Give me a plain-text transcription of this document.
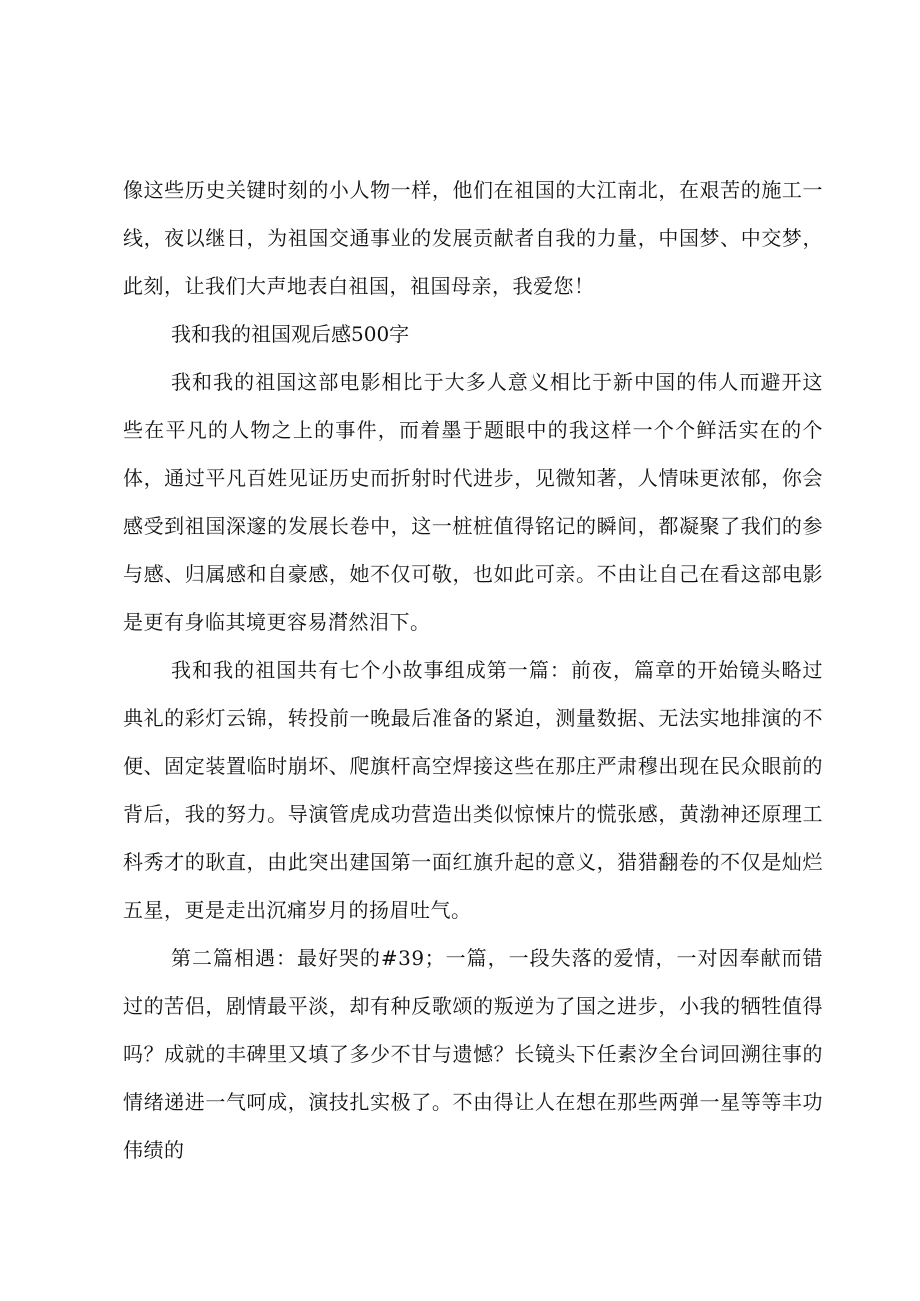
像这些历史关键时刻的小人物一样，他们在祖国的大江南北，在艰苦的施工一线，夜以继日，为祖国交通事业的发展贡献者自我的力量，中国梦、中交梦，此刻，让我们大声地表白祖国，祖国母亲，我爱您！

我和我的祖国观后感500字

我和我的祖国这部电影相比于大多人意义相比于新中国的伟人而避开这些在平凡的人物之上的事件，而着墨于题眼中的我这样一个个鲜活实在的个体，通过平凡百姓见证历史而折射时代进步，见微知著，人情味更浓郁，你会感受到祖国深邃的发展长卷中，这一桩桩值得铭记的瞬间，都凝聚了我们的参与感、归属感和自豪感，她不仅可敬，也如此可亲。不由让自己在看这部电影是更有身临其境更容易潸然泪下。

我和我的祖国共有七个小故事组成第一篇：前夜，篇章的开始镜头略过典礼的彩灯云锦，转投前一晚最后准备的紧迫，测量数据、无法实地排演的不便、固定装置临时崩坏、爬旗杆高空焊接这些在那庄严肃穆出现在民众眼前的背后，我的努力。导演管虎成功营造出类似惊悚片的慌张感，黄渤神还原理工科秀才的耿直，由此突出建国第一面红旗升起的意义，猎猎翻卷的不仅是灿烂五星，更是走出沉痛岁月的扬眉吐气。

第二篇相遇：最好哭的#39；一篇，一段失落的爱情，一对因奉献而错过的苦侣，剧情最平淡，却有种反歌颂的叛逆为了国之进步，小我的牺牲值得吗？成就的丰碑里又填了多少不甘与遗憾？长镜头下任素汐全台词回溯往事的情绪递进一气呵成，演技扎实极了。不由得让人在想在那些两弹一星等等丰功伟绩的
